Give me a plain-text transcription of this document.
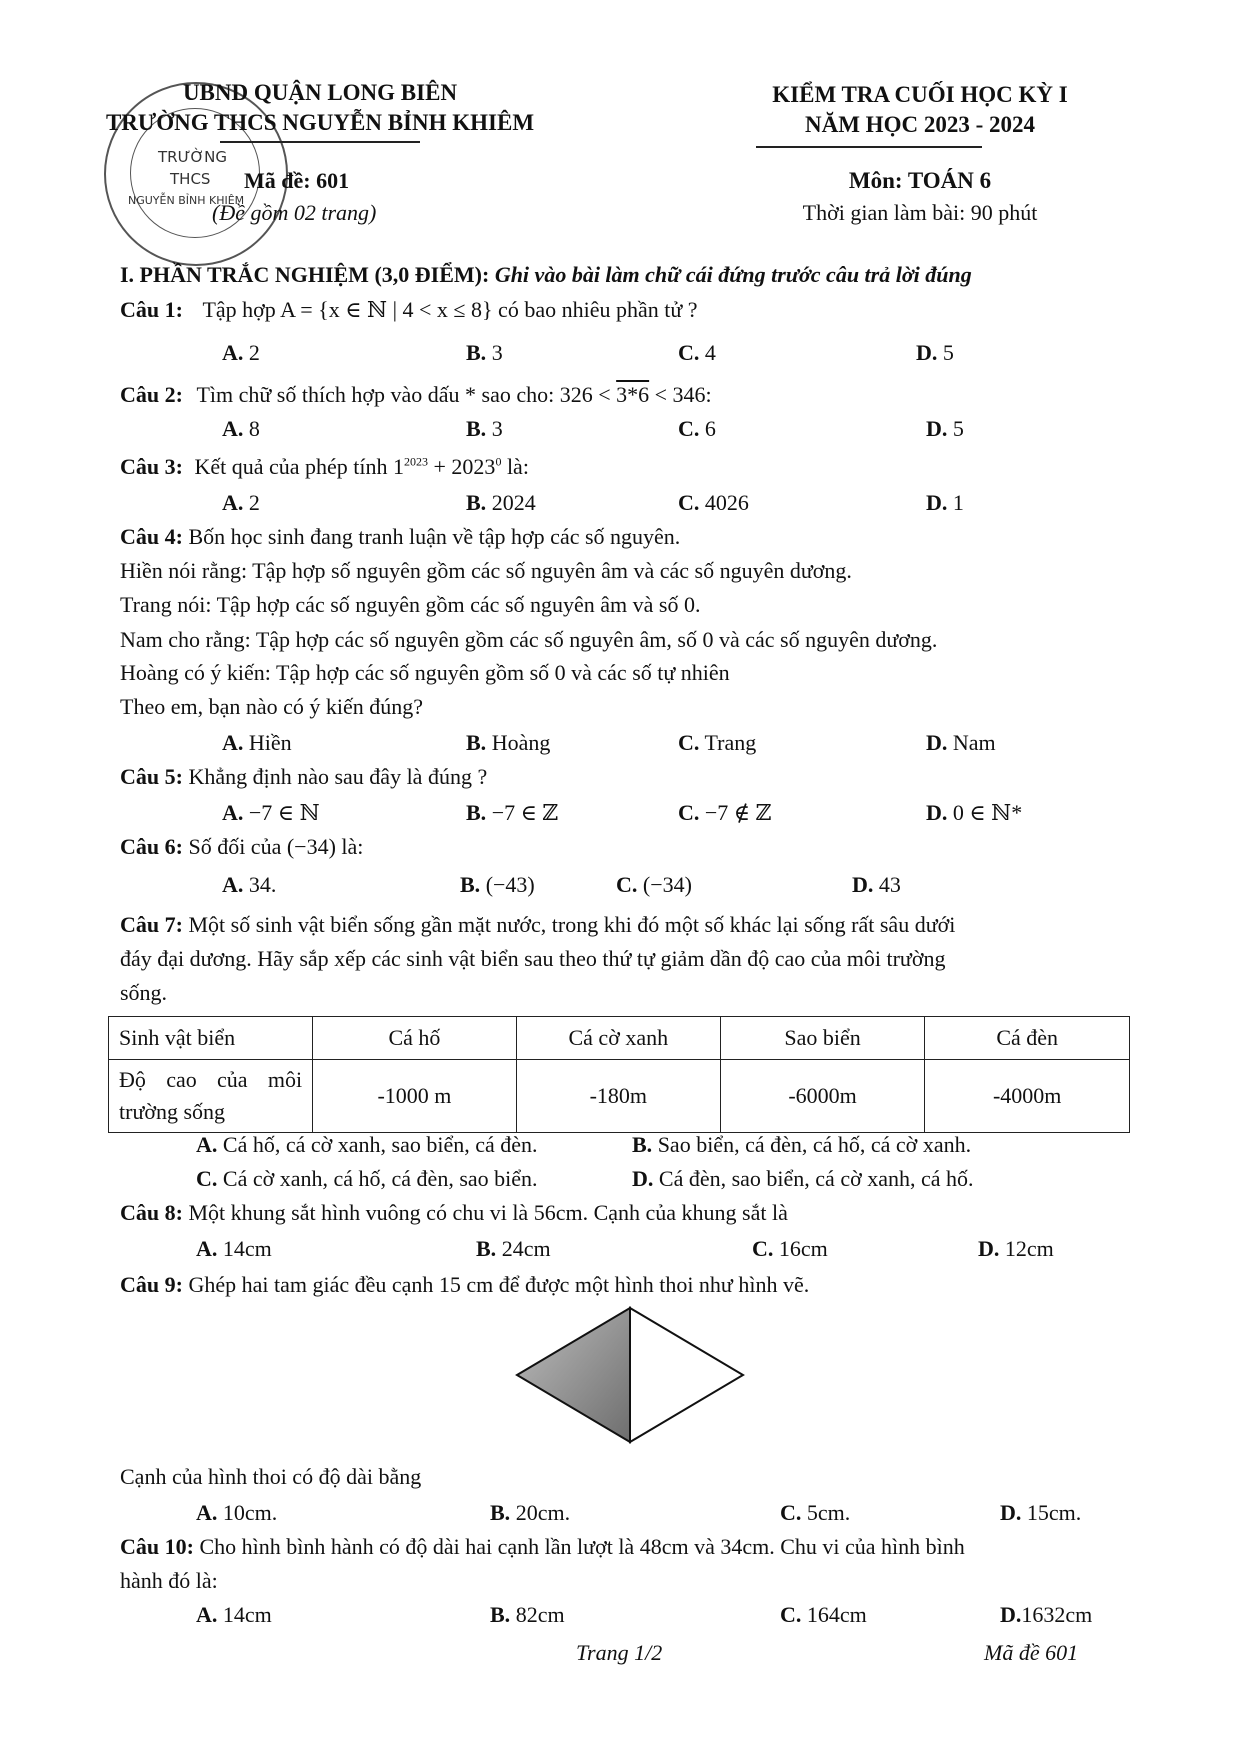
TRƯỜNG
THCS
NGUYỄN BỈNH KHIÊM
UBND QUẬN LONG BIÊN
TRƯỜNG THCS NGUYỄN BỈNH KHIÊM
Mã đề: 601
(Đề gồm 02 trang)
KIỂM TRA CUỐI HỌC KỲ I
NĂM HỌC 2023 - 2024
Môn: TOÁN 6
Thời gian làm bài: 90 phút
I. PHẦN TRẮC NGHIỆM (3,0 ĐIỂM): Ghi vào bài làm chữ cái đứng trước câu trả lời đúng
Câu 1: Tập hợp A = {x ∈ ℕ | 4 < x ≤ 8} có bao nhiêu phần tử ?
A. 2	B. 3	C. 4	D. 5
Câu 2: Tìm chữ số thích hợp vào dấu * sao cho: 326 < 3*6 < 346:
A. 8	B. 3	C. 6	D. 5
Câu 3: Kết quả của phép tính $1^{2023} + 2023^0$ là:
A. 2	B. 2024	C. 4026	D. 1
Câu 4: Bốn học sinh đang tranh luận về tập hợp các số nguyên.
Hiền nói rằng: Tập hợp số nguyên gồm các số nguyên âm và các số nguyên dương.
Trang nói: Tập hợp các số nguyên gồm các số nguyên âm và số 0.
Nam cho rằng: Tập hợp các số nguyên gồm các số nguyên âm, số 0 và các số nguyên dương.
Hoàng có ý kiến: Tập hợp các số nguyên gồm số 0 và các số tự nhiên
Theo em, bạn nào có ý kiến đúng?
A. Hiền	B. Hoàng	C. Trang	D. Nam
Câu 5: Khẳng định nào sau đây là đúng ?
A. −7 ∈ ℕ	B. −7 ∈ ℤ	C. −7 ∉ ℤ	D. 0 ∈ ℕ*
Câu 6: Số đối của (−34) là:
A. 34.	B. (−43)	C. (−34)	D. 43
Câu 7: Một số sinh vật biển sống gần mặt nước, trong khi đó một số khác lại sống rất sâu dưới
đáy đại dương. Hãy sắp xếp các sinh vật biển sau theo thứ tự giảm dần độ cao của môi trường
sống.
Sinh vật biển	Cá hố	Cá cờ xanh	Sao biển	Cá đèn

Độ cao của môi
trường sống	-1000 m	-180m	-6000m	-4000m
A. Cá hố, cá cờ xanh, sao biển, cá đèn.	B. Sao biển, cá đèn, cá hố, cá cờ xanh.
C. Cá cờ xanh, cá hố, cá đèn, sao biển.	D. Cá đèn, sao biển, cá cờ xanh, cá hố.
Câu 8: Một khung sắt hình vuông có chu vi là 56cm. Cạnh của khung sắt là
A. 14cm	B. 24cm	C. 16cm	D. 12cm
Câu 9: Ghép hai tam giác đều cạnh 15 cm để được một hình thoi như hình vẽ.
Cạnh của hình thoi có độ dài bằng
A. 10cm.	B. 20cm.	C. 5cm.	D. 15cm.
Câu 10: Cho hình bình hành có độ dài hai cạnh lần lượt là 48cm và 34cm. Chu vi của hình bình
hành đó là:
A. 14cm	B. 82cm	C. 164cm	D.1632cm
Trang 1/2	Mã đề 601
